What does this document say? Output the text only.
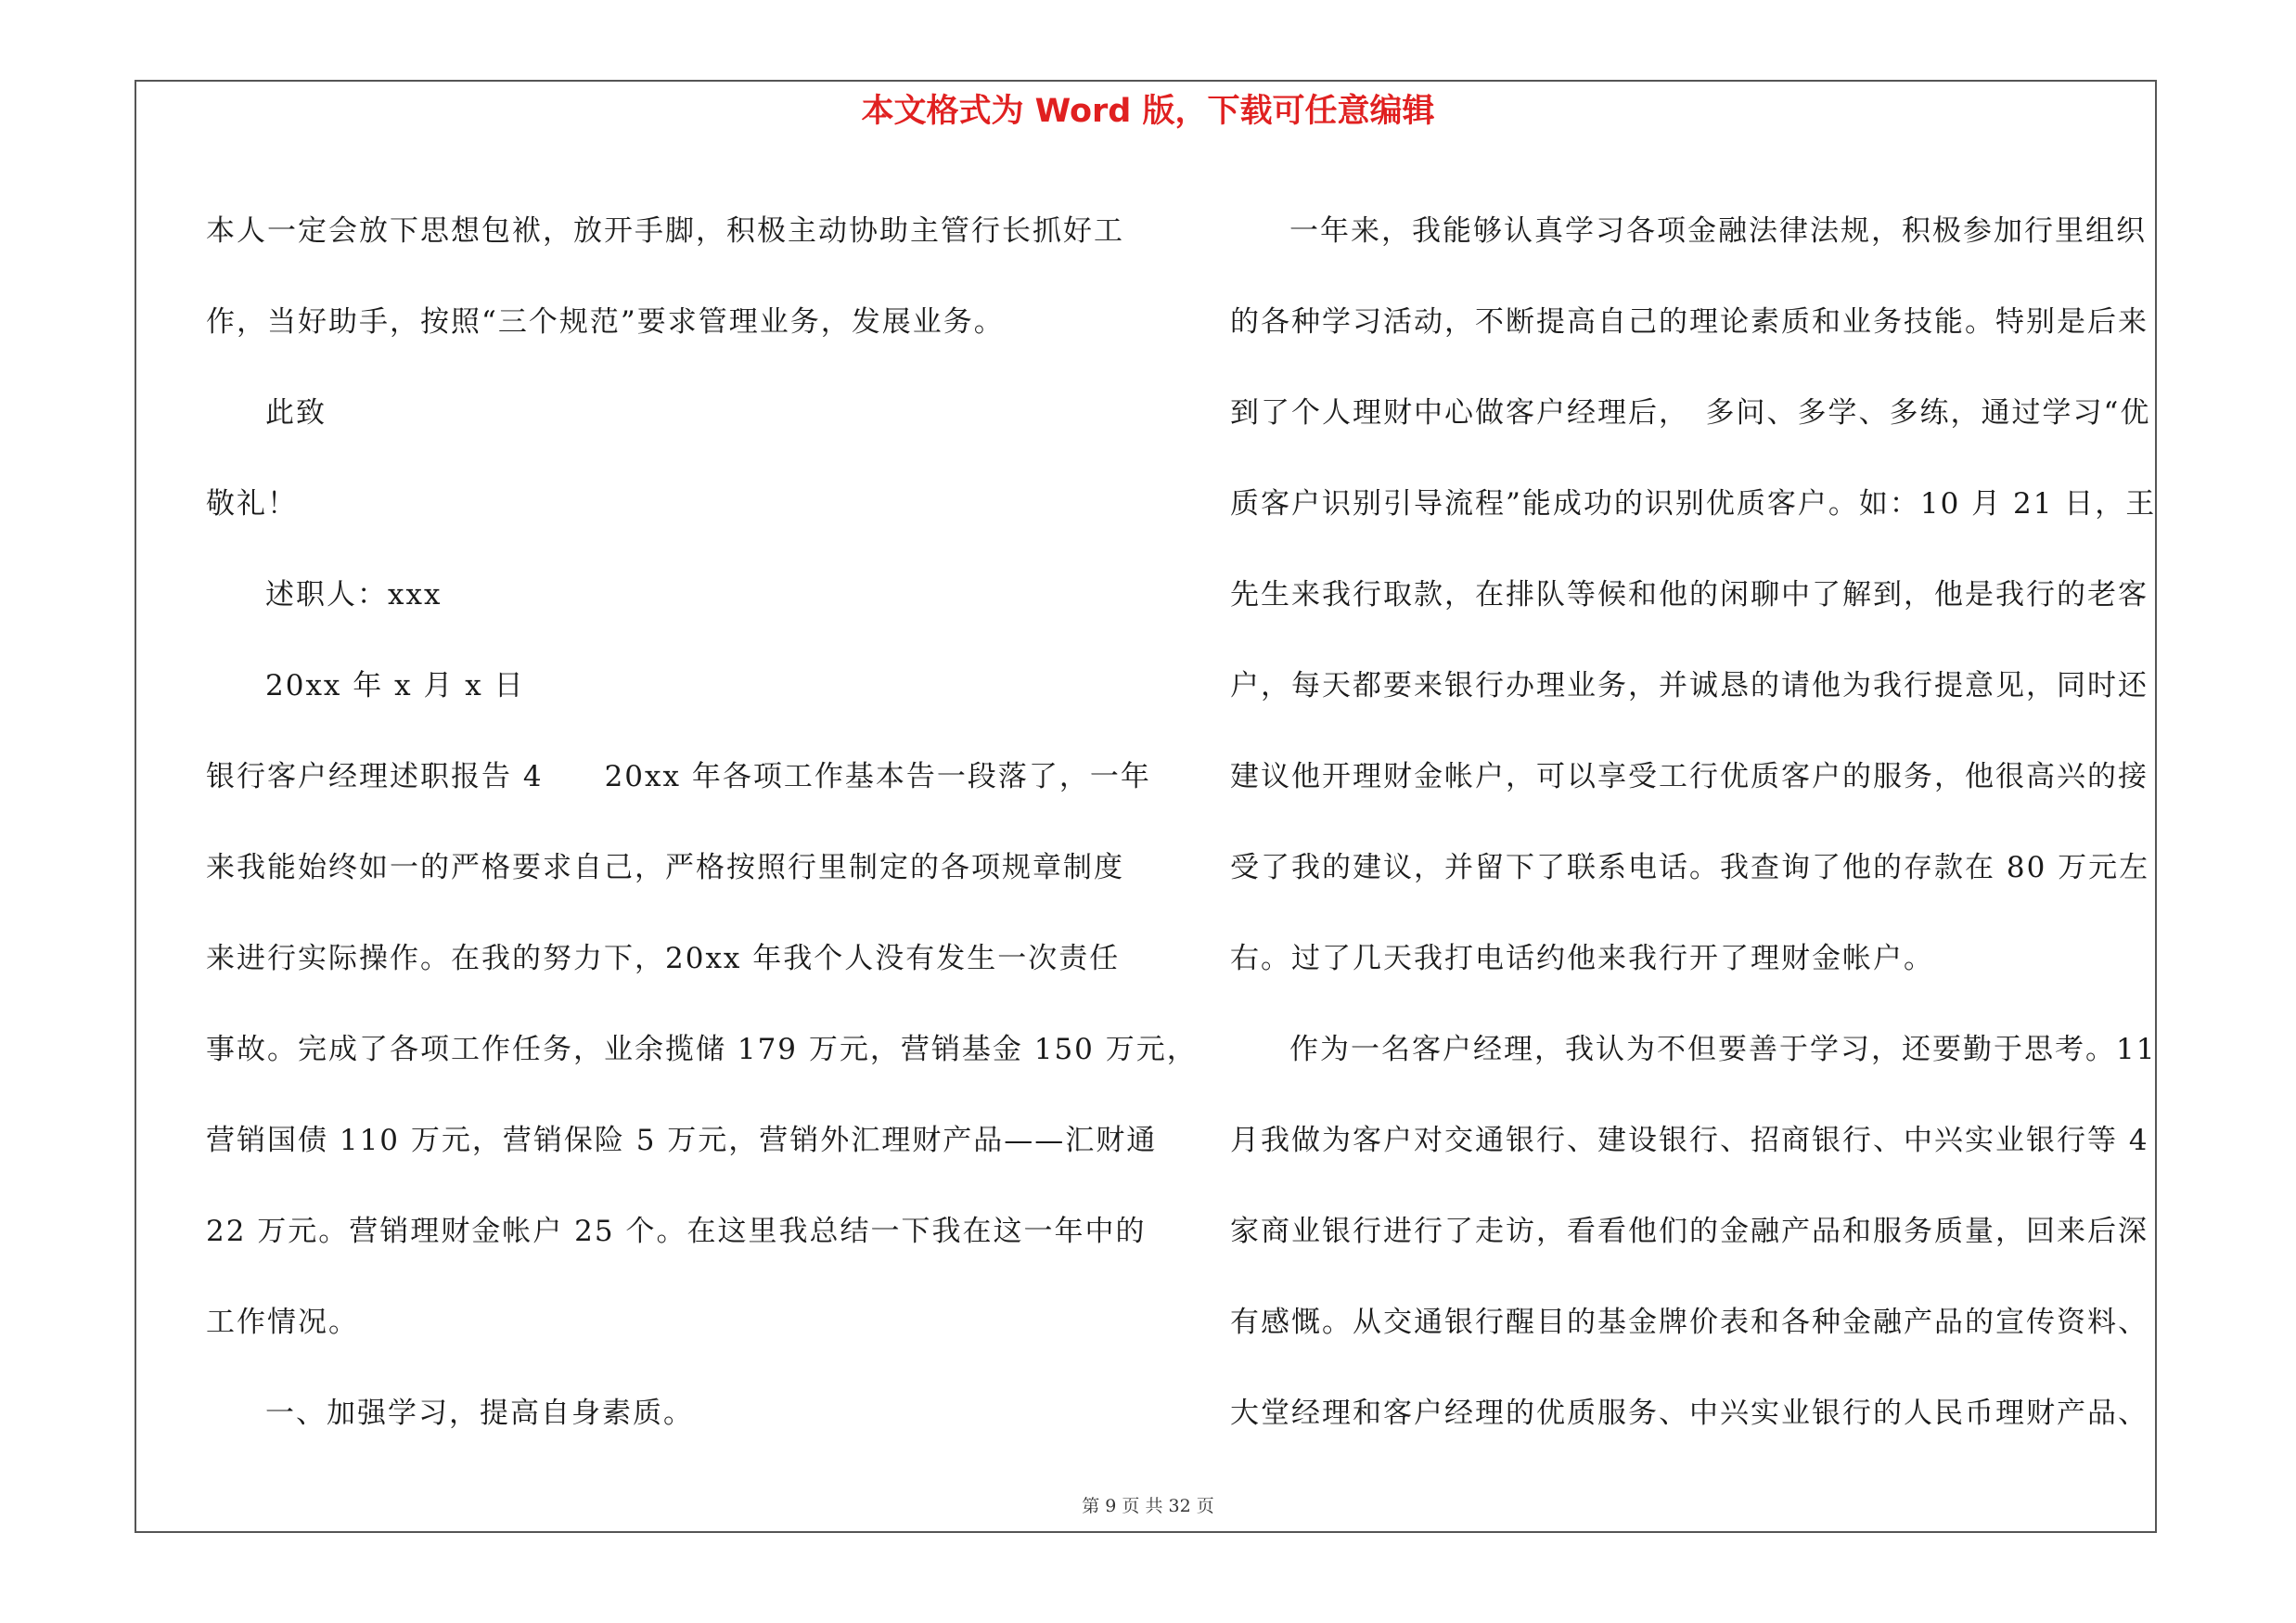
本文格式为 Word 版，下载可任意编辑
本人一定会放下思想包袱，放开手脚，积极主动协助主管行长抓好工
作，当好助手，按照“三个规范”要求管理业务，发展业务。
此致
敬礼！
述职人：xxx
20xx 年 x 月 x 日
银行客户经理述职报告 4　　20xx 年各项工作基本告一段落了，一年
来我能始终如一的严格要求自己，严格按照行里制定的各项规章制度
来进行实际操作。在我的努力下，20xx 年我个人没有发生一次责任
事故。完成了各项工作任务，业余揽储 179 万元，营销基金 150 万元，
营销国债 110 万元，营销保险 5 万元，营销外汇理财产品——汇财通
22 万元。营销理财金帐户 25 个。在这里我总结一下我在这一年中的
工作情况。
一、加强学习，提高自身素质。
一年来，我能够认真学习各项金融法律法规，积极参加行里组织
的各种学习活动，不断提高自己的理论素质和业务技能。特别是后来
到了个人理财中心做客户经理后，　多问、多学、多练，通过学习“优
质客户识别引导流程”能成功的识别优质客户。如：10 月 21 日，王
先生来我行取款，在排队等候和他的闲聊中了解到，他是我行的老客
户，每天都要来银行办理业务，并诚恳的请他为我行提意见，同时还
建议他开理财金帐户，可以享受工行优质客户的服务，他很高兴的接
受了我的建议，并留下了联系电话。我查询了他的存款在 80 万元左
右。过了几天我打电话约他来我行开了理财金帐户。
作为一名客户经理，我认为不但要善于学习，还要勤于思考。11
月我做为客户对交通银行、建设银行、招商银行、中兴实业银行等 4
家商业银行进行了走访，看看他们的金融产品和服务质量，回来后深
有感慨。从交通银行醒目的基金牌价表和各种金融产品的宣传资料、
大堂经理和客户经理的优质服务、中兴实业银行的人民币理财产品、
第 9 页 共 32 页
